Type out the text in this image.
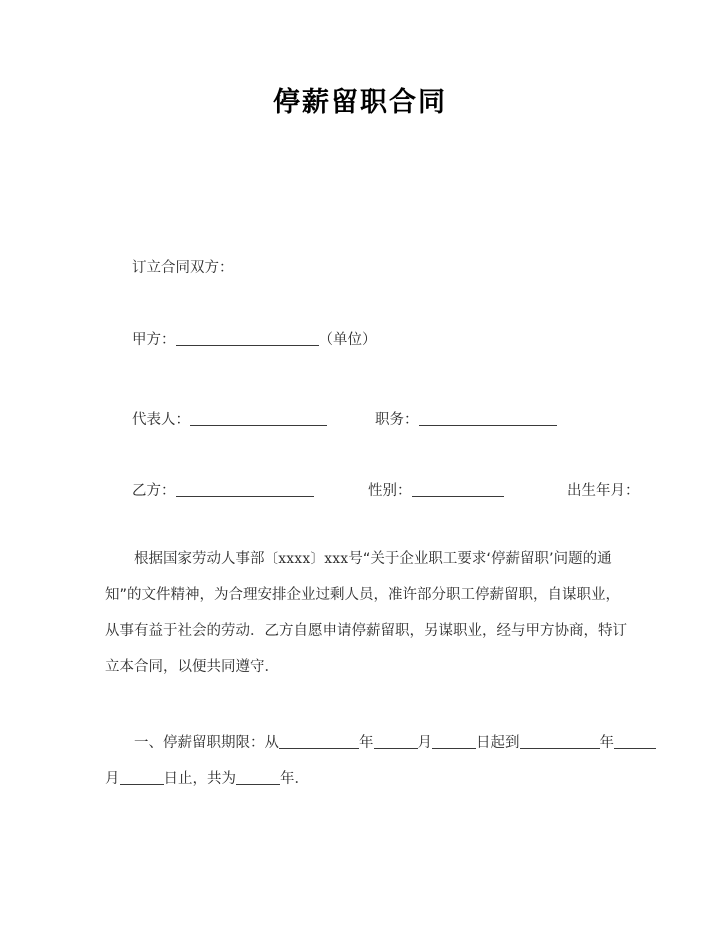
停薪留职合同
订立合同双方：
甲方：	（单位）
代表人：	职务：
乙方：	性别：	出生年月：
根据国家劳动人事部〔xxxx〕xxx号“关于企业职工要求‘停薪留职’问题的通
知”的文件精神，为合理安排企业过剩人员，准许部分职工停薪留职，自谋职业，
从事有益于社会的劳动．乙方自愿申请停薪留职，另谋职业，经与甲方协商，特订
立本合同，以便共同遵守．
一、停薪留职期限：从	年	月	日起到	年
月	日止，共为	年．
